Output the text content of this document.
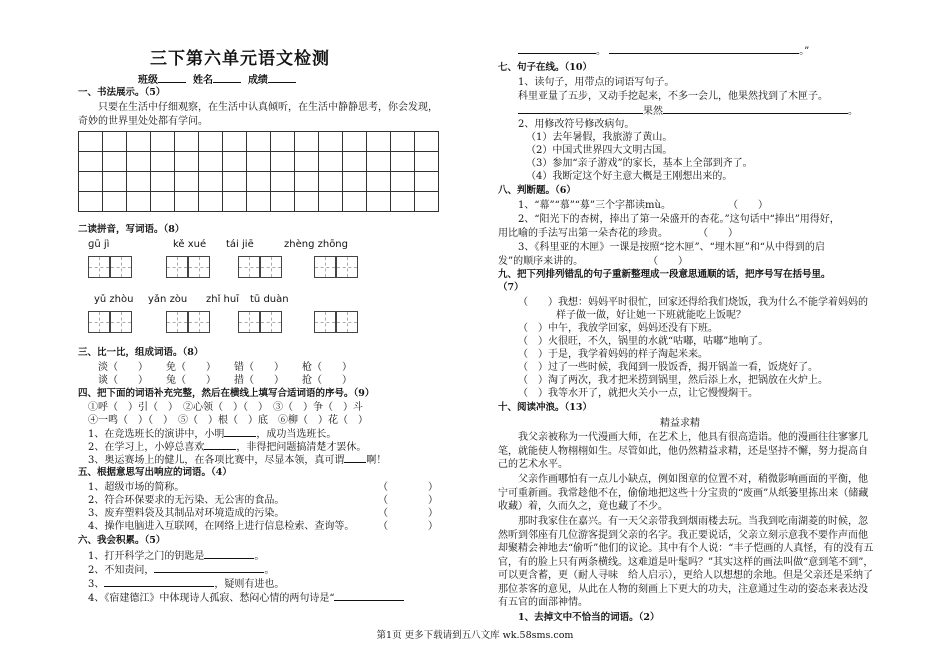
三下第六单元语文检测
班级	姓名	成绩
一、书法展示。（5）
只要在生活中仔细观察，在生活中认真倾听，在生活中静静思考，你会发现，
奇妙的世界里处处都有学问。

二读拼音，写词语。（8）
ɡū jì	kě xué tái jiē	zhèng zhōng
yǔ zhòu yǎn zòu zhǐ huī tū duàn
三、比一比，组成词语。（8）
淡（　　） 免（　　） 错（　　） 枪（　　）
谈（　　） 兔（　　） 措（　　） 抢（　　）
四、把下面的词语补充完整，然后在横线上填写合适词语的序号。（9）
①呼（　）引（　）　②心领（　）（　）　③（　）争（　）斗
④一鸣（　）（　）　⑤（　）根（　）底　⑥柳（　）花（　）
1、在竞选班长的演讲中，小明	，成功当选班长。
2、在学习上，小婷总喜欢	，非得把问题搞清楚才罢休。
3、奥运赛场上的健儿，在各项比赛中，尽显本领，真可谓 啊！
五、根据意思写出响应的词语。（4）
1、超级市场的简称。	（　　　　）
2、符合环保要求的无污染、无公害的食品。	（　　　　）
3、废弃塑料袋及其制品对环境造成的污染。	（　　　　）
4、操作电脑进入互联网，在网络上进行信息检索、查询等。 （　　　　）
六、我会积累。（5）
1、打开科学之门的钥匙是	。
2、不知责问，	。
3、	，疑则有进也。
4、《宿建德江》中体现诗人孤寂、愁闷心情的两句诗是“
。	。”
七、句子在线。（10）
1、读句子，用带点的词语写句子。
科里亚量了五步，又动手挖起来，不多一会儿，他果然找到了木匣子。
果然	。
2、用修改符号修改病句。
（1）去年暑假，我旅游了黄山。
（2）中国式世界四大文明古国。
（3）参加“亲子游戏”的家长，基本上全部到齐了。
（4）我断定这个好主意大概是王刚想出来的。
八、判断题。（6）
1、“幕”“慕”“募”三个字都读mù。	（　　）
2、“阳光下的杏树，捧出了第一朵盛开的杏花。”这句话中“捧出”用得好，
用比喻的手法写出第一朵杏花的珍贵。	（　　）
3、《科里亚的木匣》一课是按照“挖木匣”、“埋木匣”和“从中得到的启
发”的顺序来讲的。	（　　）
九、把下列排列错乱的句子重新整理成一段意思通顺的话，把序号写在括号里。
（7）
（　　）我想：妈妈平时很忙，回家还得给我们烧饭，我为什么不能学着妈妈的
样子做一做，好让她一下班就能吃上饭呢？
（　）中午，我放学回家，妈妈还没有下班。
（　）火很旺，不久，锅里的水就“咕嘟，咕嘟”地响了。
（　）于是，我学着妈妈的样子淘起米来。
（　）过了一些时候，我闻到一股饭香，揭开锅盖一看，饭烧好了。
（　）淘了两次，我才把米捞到锅里，然后添上水，把锅放在火炉上。
（　）我等水开了，就把火关小一点，让它慢慢焖干。
十、阅读冲浪。（13）
精益求精
我父亲被称为一代漫画大师，在艺术上，他具有很高造诣。他的漫画往往寥寥几笔，就能使人物栩栩如生。尽管如此，他仍然精益求精，还是坚持不懈，努力提高自己的艺术水平。
父亲作画哪怕有一点儿小缺点，例如图章的位置不对，稍微影响画面的平衡，他宁可重新画。我常趁他不在，偷偷地把这些十分宝贵的“废画”从纸篓里拣出来（储藏　收藏）着，久而久之，竟也藏了不少。
那时我家住在嘉兴。有一天父亲带我到烟雨楼去玩。当我到吃南湖菱的时候，忽然听到邻座有几位游客提到父亲的名字。我正要说话，父亲立刻示意我不要作声而他却聚精会神地去“偷听”他们的议论。其中有个人说：“丰子恺画的人真怪，有的没有五官，有的脸上只有两条横线。这难道是叶髦吗？”其实这样的画法叫做“意到笔不到”，可以更含蓄，更（耐人寻味　给人启示），更给人以想想的余地。但是父亲还是采纳了那位茶客的意见，从此在人物的刻画上下更大的功夫，注意通过生动的姿态来表达没有五官的面部神情。
1、去掉文中不恰当的词语。（2）
第1页 更多下载请到五八文库 wk.58sms.com
